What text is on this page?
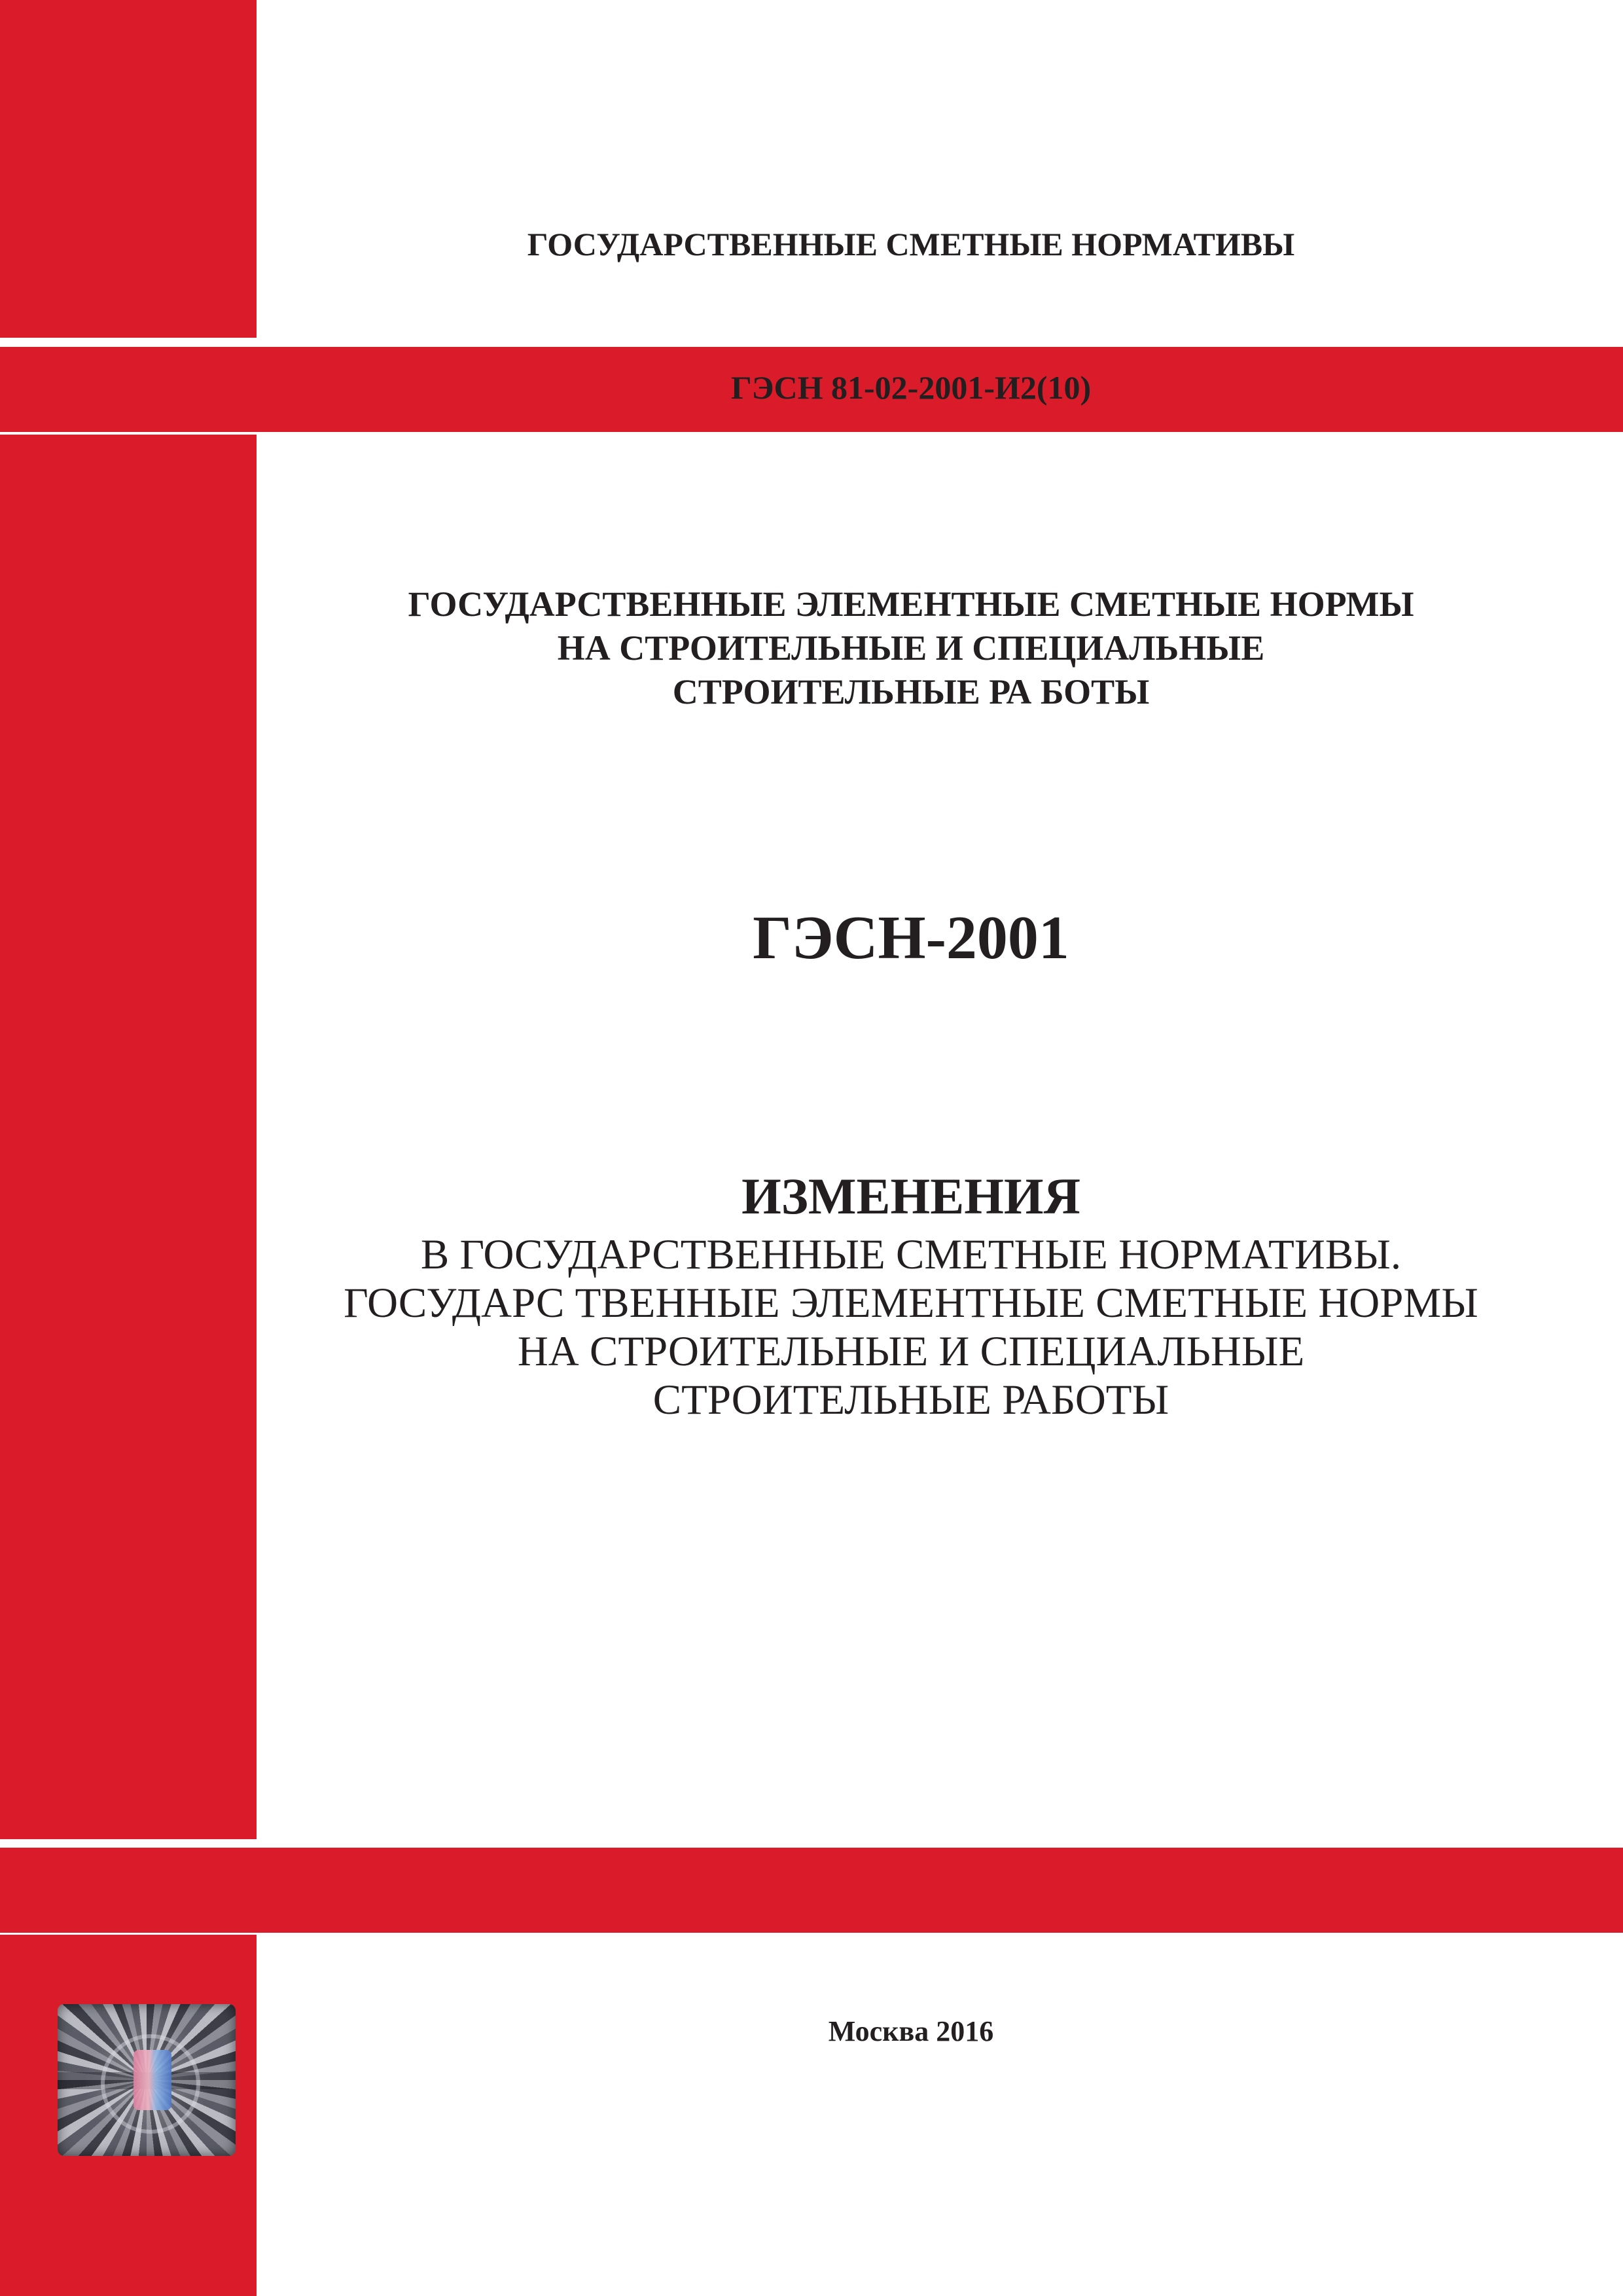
ГОСУДАРСТВЕННЫЕ СМЕТНЫЕ НОРМАТИВЫ
ГЭСН 81-02-2001-И2(10)
ГОСУДАРСТВЕННЫЕ ЭЛЕМЕНТНЫЕ СМЕТНЫЕ НОРМЫ
НА СТРОИТЕЛЬНЫЕ И СПЕЦИАЛЬНЫЕ
СТРОИТЕЛЬНЫЕ РА БОТЫ
ГЭСН-2001
ИЗМЕНЕНИЯ
В ГОСУДАРСТВЕННЫЕ СМЕТНЫЕ НОРМАТИВЫ.
ГОСУДАРС ТВЕННЫЕ ЭЛЕМЕНТНЫЕ СМЕТНЫЕ НОРМЫ
НА СТРОИТЕЛЬНЫЕ И СПЕЦИАЛЬНЫЕ
СТРОИТЕЛЬНЫЕ РАБОТЫ
Москва 2016
